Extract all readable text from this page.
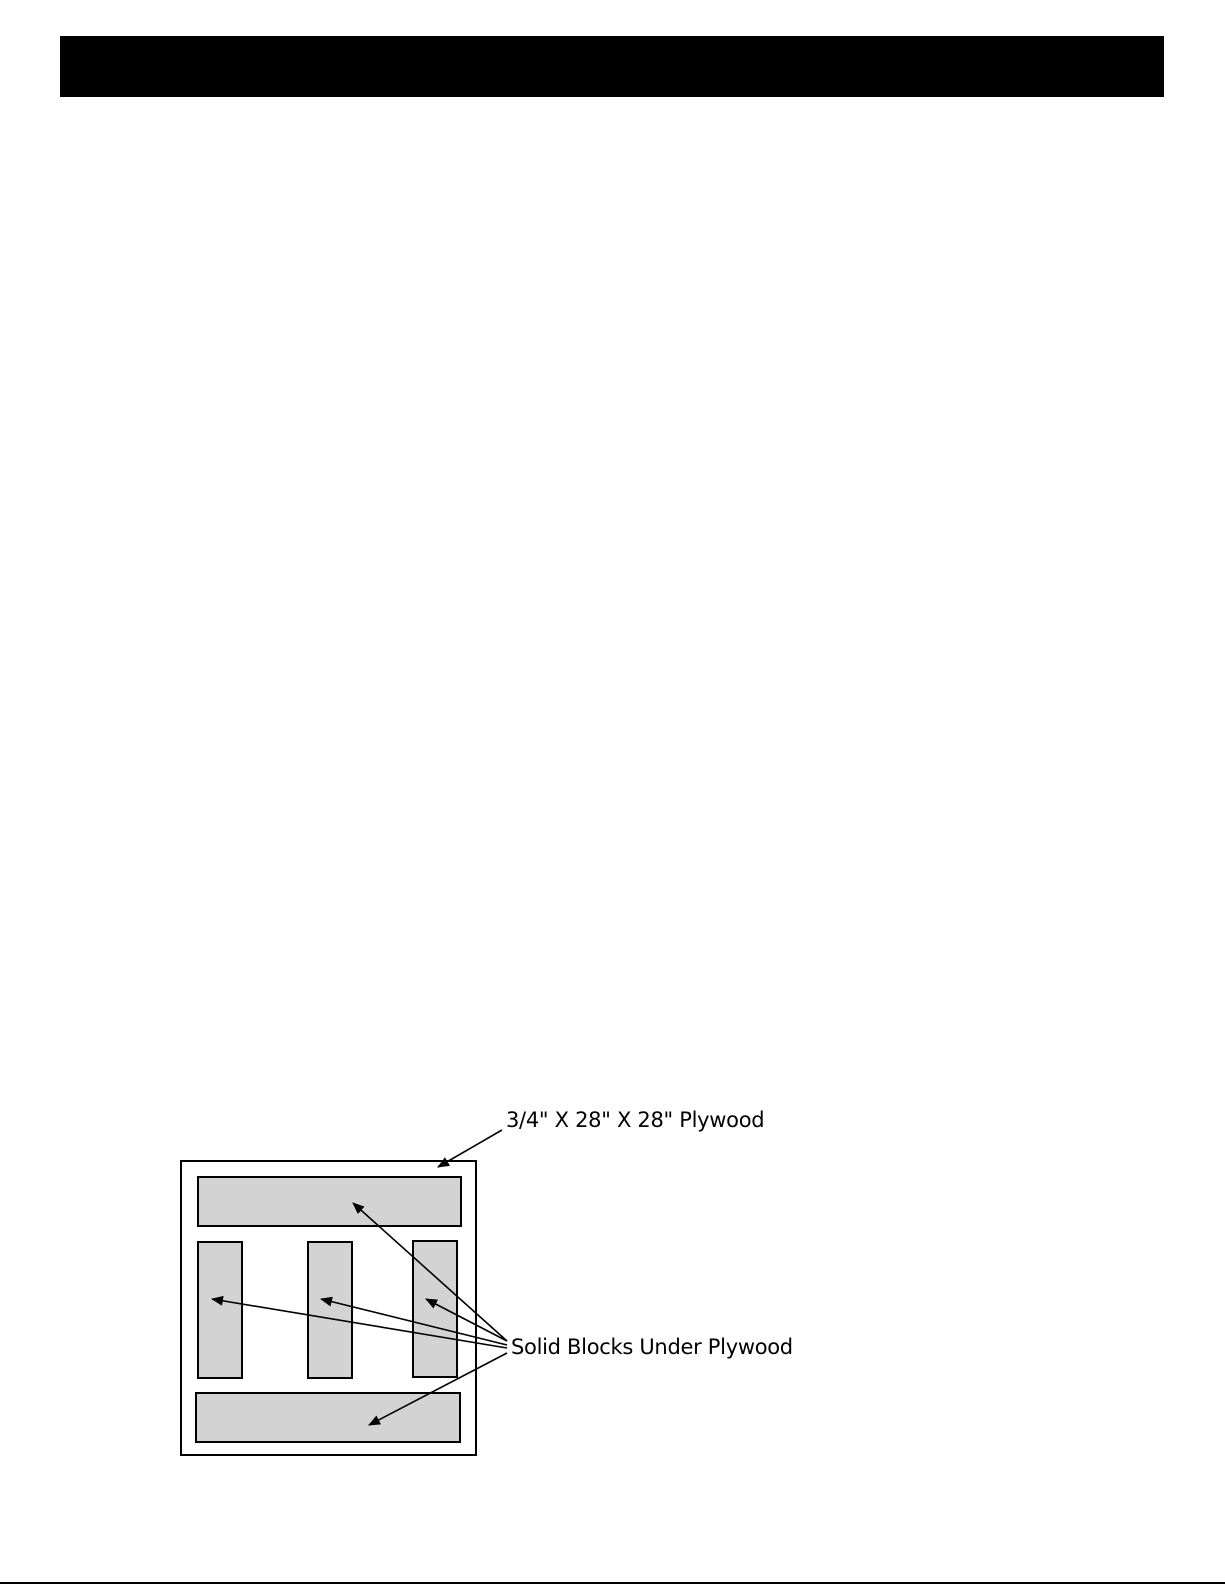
3/4" X 28" X 28" Plywood
Solid Blocks Under Plywood
